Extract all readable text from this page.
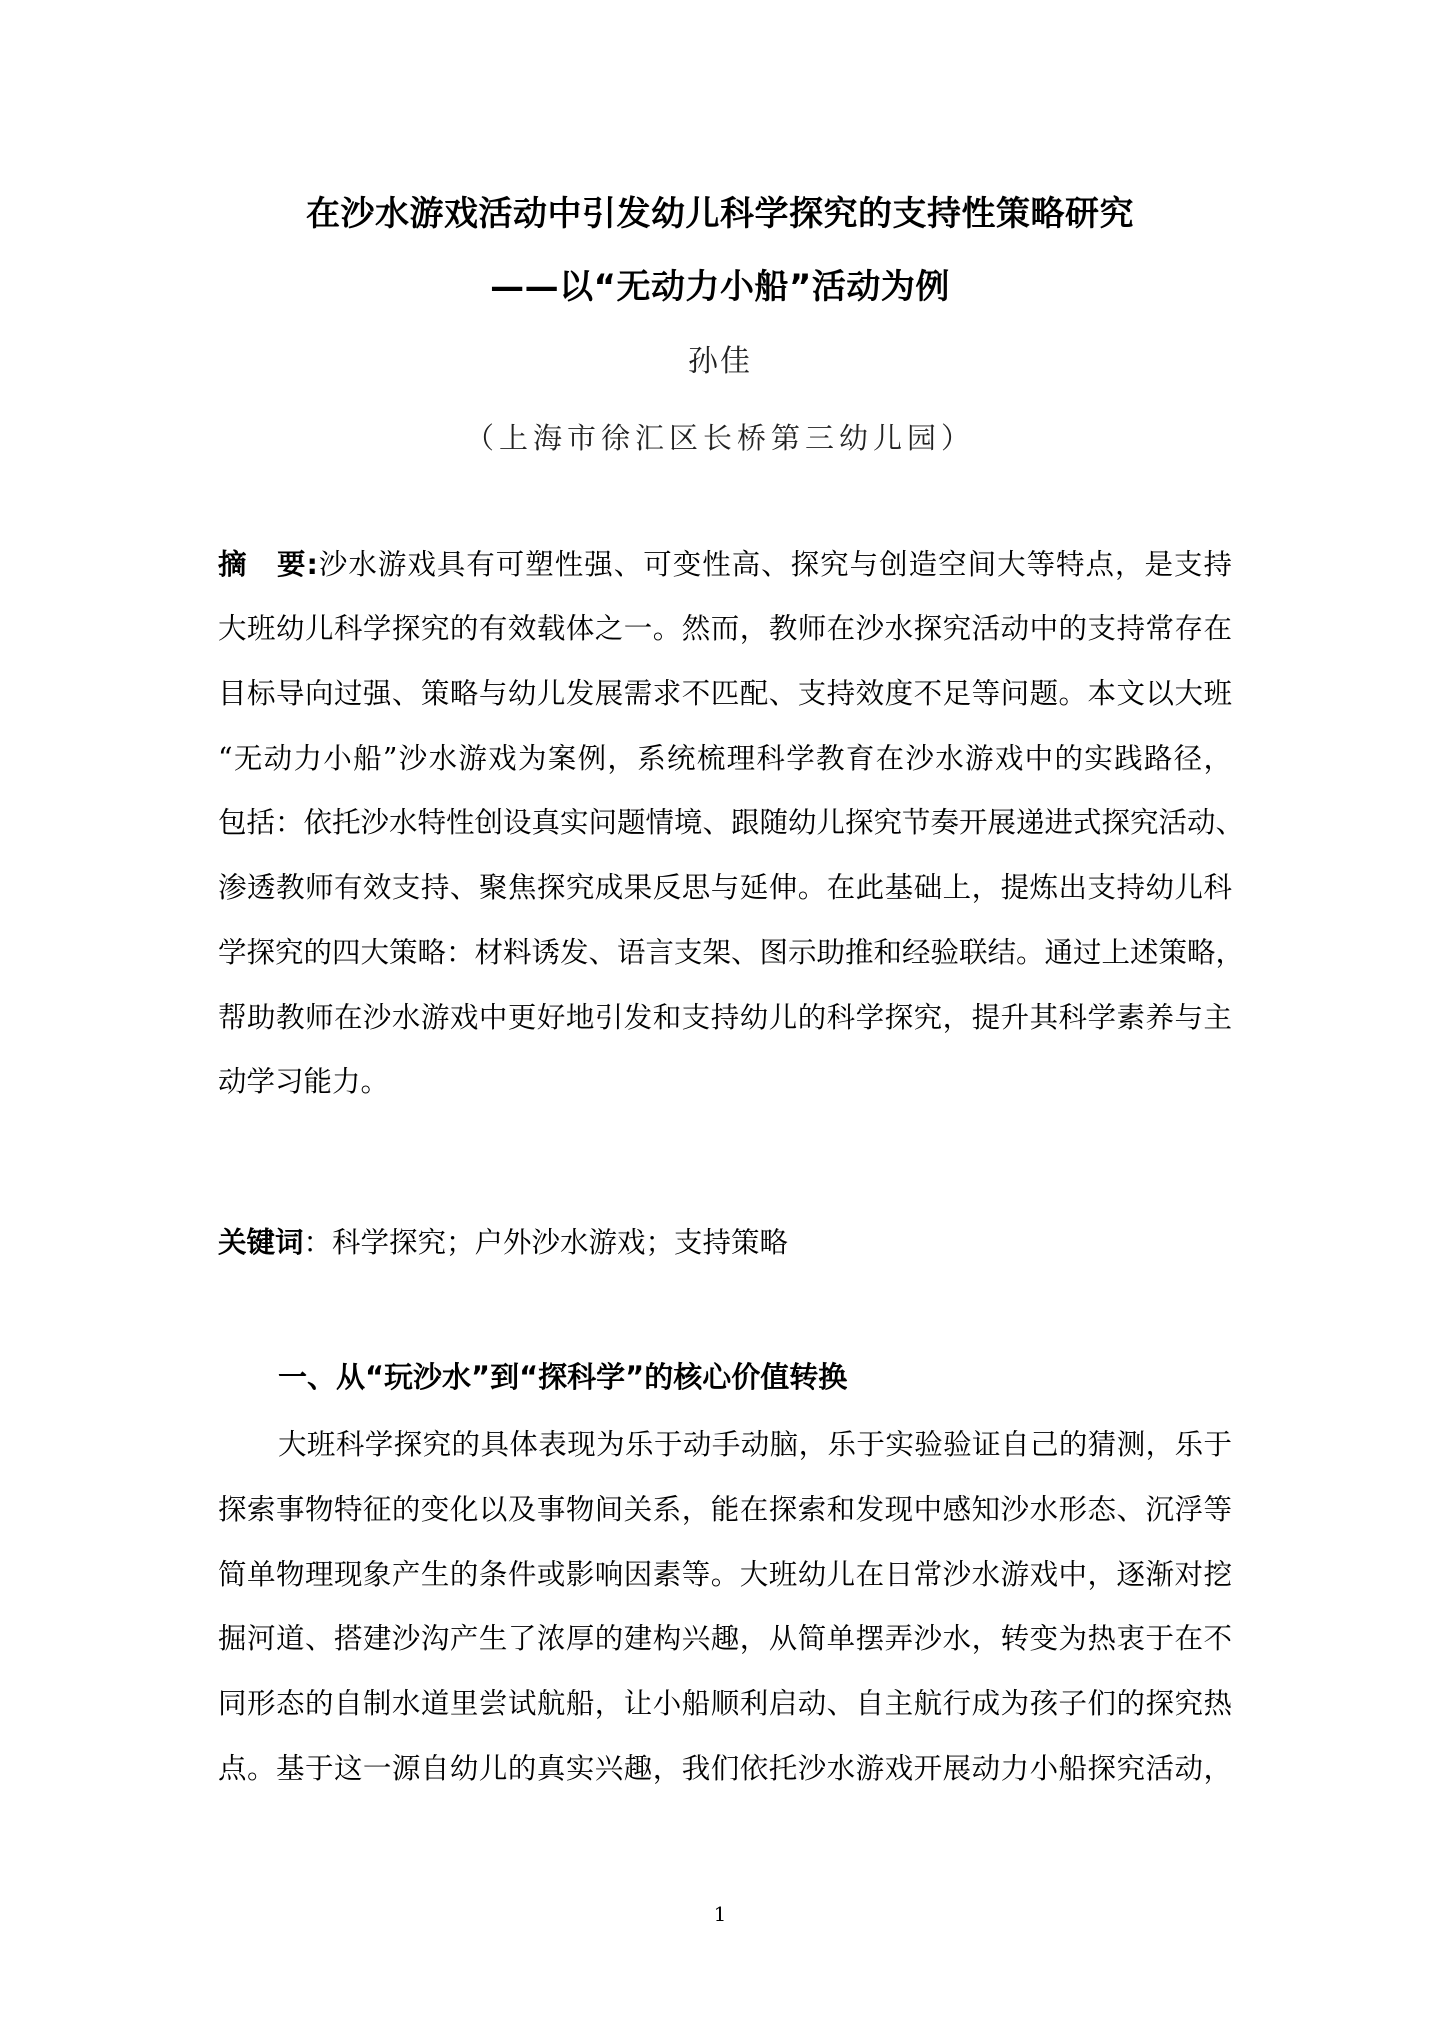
在沙水游戏活动中引发幼儿科学探究的支持性策略研究
——以“无动力小船”活动为例
孙佳
（上海市徐汇区长桥第三幼儿园）
摘　要:沙水游戏具有可塑性强、可变性高、探究与创造空间大等特点，是支持
大班幼儿科学探究的有效载体之一。然而，教师在沙水探究活动中的支持常存在
目标导向过强、策略与幼儿发展需求不匹配、支持效度不足等问题。本文以大班
“无动力小船”沙水游戏为案例，系统梳理科学教育在沙水游戏中的实践路径，
包括：依托沙水特性创设真实问题情境、跟随幼儿探究节奏开展递进式探究活动、
渗透教师有效支持、聚焦探究成果反思与延伸。在此基础上，提炼出支持幼儿科
学探究的四大策略：材料诱发、语言支架、图示助推和经验联结。通过上述策略，
帮助教师在沙水游戏中更好地引发和支持幼儿的科学探究，提升其科学素养与主
动学习能力。
关键词：科学探究；户外沙水游戏；支持策略
一、从“玩沙水”到“探科学”的核心价值转换
大班科学探究的具体表现为乐于动手动脑，乐于实验验证自己的猜测，乐于
探索事物特征的变化以及事物间关系，能在探索和发现中感知沙水形态、沉浮等
简单物理现象产生的条件或影响因素等。大班幼儿在日常沙水游戏中，逐渐对挖
掘河道、搭建沙沟产生了浓厚的建构兴趣，从简单摆弄沙水，转变为热衷于在不
同形态的自制水道里尝试航船，让小船顺利启动、自主航行成为孩子们的探究热
点。基于这一源自幼儿的真实兴趣，我们依托沙水游戏开展动力小船探究活动，
1
